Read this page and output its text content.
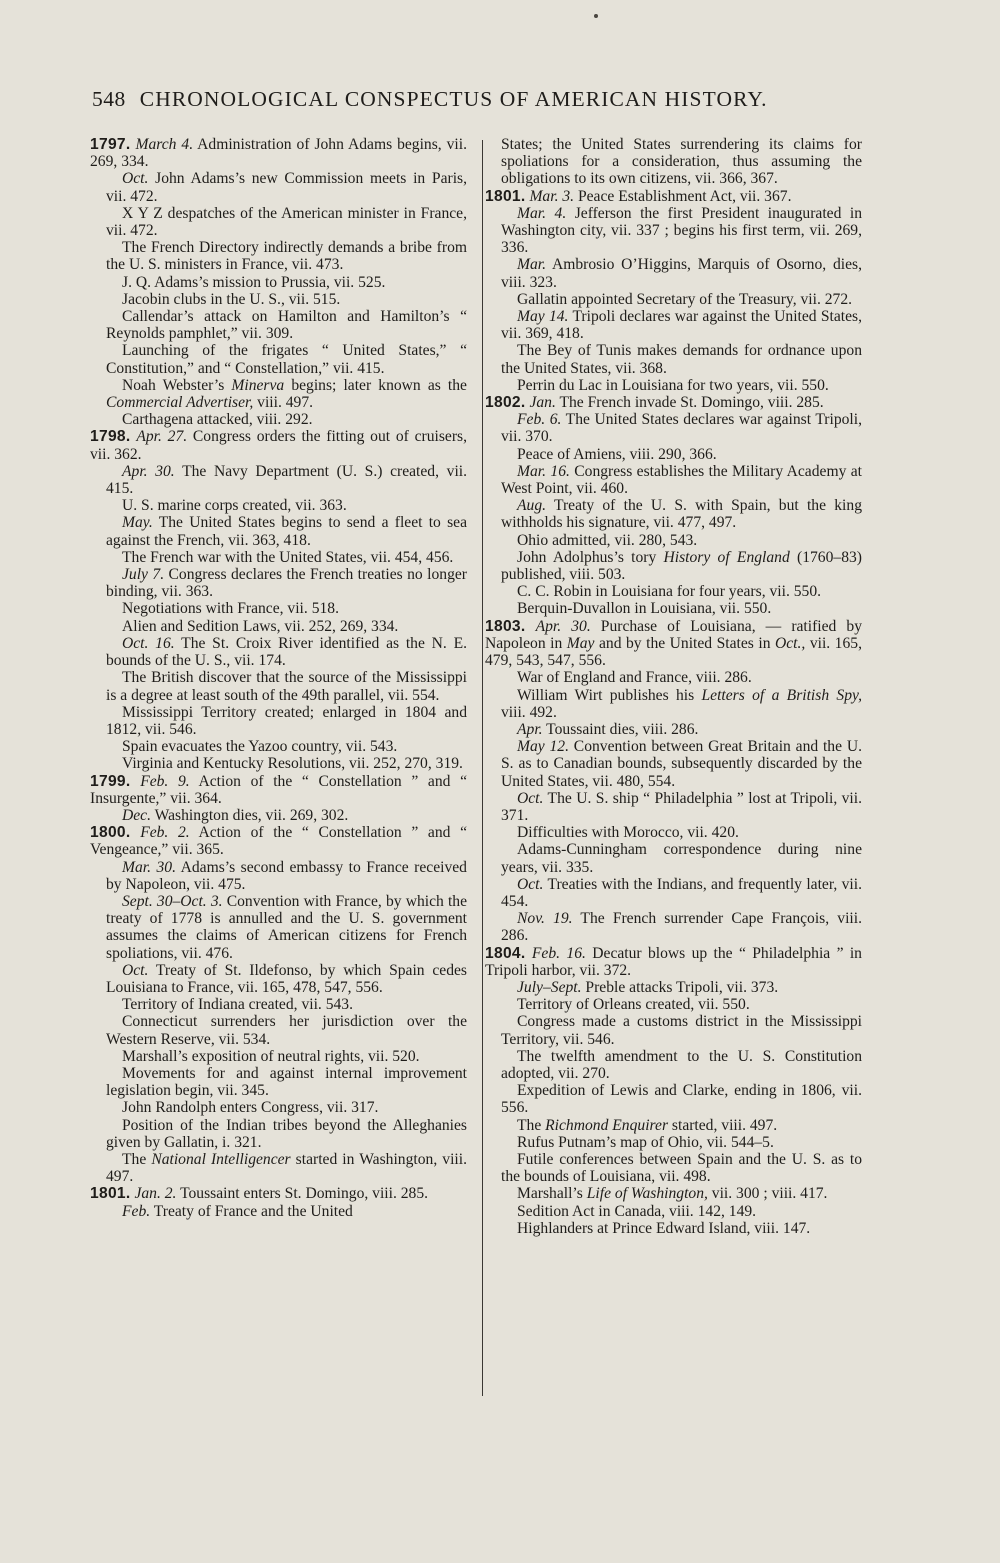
548 CHRONOLOGICAL CONSPECTUS OF AMERICAN HISTORY.

1797. March 4. Administration of John Adams begins, vii. 269, 334.

Oct. John Adams’s new Commission meets in Paris, vii. 472.

X Y Z despatches of the American minister in France, vii. 472.

The French Directory indirectly demands a bribe from the U. S. ministers in France, vii. 473.

J. Q. Adams’s mission to Prussia, vii. 525.

Jacobin clubs in the U. S., vii. 515.

Callendar’s attack on Hamilton and Hamilton’s “ Reynolds pamphlet,” vii. 309.

Launching of the frigates “ United States,” “ Constitution,” and “ Constellation,” vii. 415.

Noah Webster’s Minerva begins; later known as the Commercial Advertiser, viii. 497.

Carthagena attacked, viii. 292.

1798. Apr. 27. Congress orders the fitting out of cruisers, vii. 362.

Apr. 30. The Navy Department (U. S.) created, vii. 415.

U. S. marine corps created, vii. 363.

May. The United States begins to send a fleet to sea against the French, vii. 363, 418.

The French war with the United States, vii. 454, 456.

July 7. Congress declares the French treaties no longer binding, vii. 363.

Negotiations with France, vii. 518.

Alien and Sedition Laws, vii. 252, 269, 334.

Oct. 16. The St. Croix River identified as the N. E. bounds of the U. S., vii. 174.

The British discover that the source of the Mississippi is a degree at least south of the 49th parallel, vii. 554.

Mississippi Territory created; enlarged in 1804 and 1812, vii. 546.

Spain evacuates the Yazoo country, vii. 543.

Virginia and Kentucky Resolutions, vii. 252, 270, 319.

1799. Feb. 9. Action of the “ Constellation ” and “ Insurgente,” vii. 364.

Dec. Washington dies, vii. 269, 302.

1800. Feb. 2. Action of the “ Constellation ” and “ Vengeance,” vii. 365.

Mar. 30. Adams’s second embassy to France received by Napoleon, vii. 475.

Sept. 30–Oct. 3. Convention with France, by which the treaty of 1778 is annulled and the U. S. government assumes the claims of American citizens for French spoliations, vii. 476.

Oct. Treaty of St. Ildefonso, by which Spain cedes Louisiana to France, vii. 165, 478, 547, 556.

Territory of Indiana created, vii. 543.

Connecticut surrenders her jurisdiction over the Western Reserve, vii. 534.

Marshall’s exposition of neutral rights, vii. 520.

Movements for and against internal improvement legislation begin, vii. 345.

John Randolph enters Congress, vii. 317.

Position of the Indian tribes beyond the Alleghanies given by Gallatin, i. 321.

The National Intelligencer started in Washington, viii. 497.

1801. Jan. 2. Toussaint enters St. Domingo, viii. 285.

Feb. Treaty of France and the United

States; the United States surrendering its claims for spoliations for a consideration, thus assuming the obligations to its own citizens, vii. 366, 367.

1801. Mar. 3. Peace Establishment Act, vii. 367.

Mar. 4. Jefferson the first President inaugurated in Washington city, vii. 337 ; begins his first term, vii. 269, 336.

Mar. Ambrosio O’Higgins, Marquis of Osorno, dies, viii. 323.

Gallatin appointed Secretary of the Treasury, vii. 272.

May 14. Tripoli declares war against the United States, vii. 369, 418.

The Bey of Tunis makes demands for ordnance upon the United States, vii. 368.

Perrin du Lac in Louisiana for two years, vii. 550.

1802. Jan. The French invade St. Domingo, viii. 285.

Feb. 6. The United States declares war against Tripoli, vii. 370.

Peace of Amiens, viii. 290, 366.

Mar. 16. Congress establishes the Military Academy at West Point, vii. 460.

Aug. Treaty of the U. S. with Spain, but the king withholds his signature, vii. 477, 497.

Ohio admitted, vii. 280, 543.

John Adolphus’s tory History of England (1760–83) published, viii. 503.

C. C. Robin in Louisiana for four years, vii. 550.

Berquin-Duvallon in Louisiana, vii. 550.

1803. Apr. 30. Purchase of Louisiana, — ratified by Napoleon in May and by the United States in Oct., vii. 165, 479, 543, 547, 556.

War of England and France, viii. 286.

William Wirt publishes his Letters of a British Spy, viii. 492.

Apr. Toussaint dies, viii. 286.

May 12. Convention between Great Britain and the U. S. as to Canadian bounds, subsequently discarded by the United States, vii. 480, 554.

Oct. The U. S. ship “ Philadelphia ” lost at Tripoli, vii. 371.

Difficulties with Morocco, vii. 420.

Adams-Cunningham correspondence during nine years, vii. 335.

Oct. Treaties with the Indians, and frequently later, vii. 454.

Nov. 19. The French surrender Cape François, viii. 286.

1804. Feb. 16. Decatur blows up the “ Philadelphia ” in Tripoli harbor, vii. 372.

July–Sept. Preble attacks Tripoli, vii. 373.

Territory of Orleans created, vii. 550.

Congress made a customs district in the Mississippi Territory, vii. 546.

The twelfth amendment to the U. S. Constitution adopted, vii. 270.

Expedition of Lewis and Clarke, ending in 1806, vii. 556.

The Richmond Enquirer started, viii. 497.

Rufus Putnam’s map of Ohio, vii. 544–5.

Futile conferences between Spain and the U. S. as to the bounds of Louisiana, vii. 498.

Marshall’s Life of Washington, vii. 300 ; viii. 417.

Sedition Act in Canada, viii. 142, 149.

Highlanders at Prince Edward Island, viii. 147.
